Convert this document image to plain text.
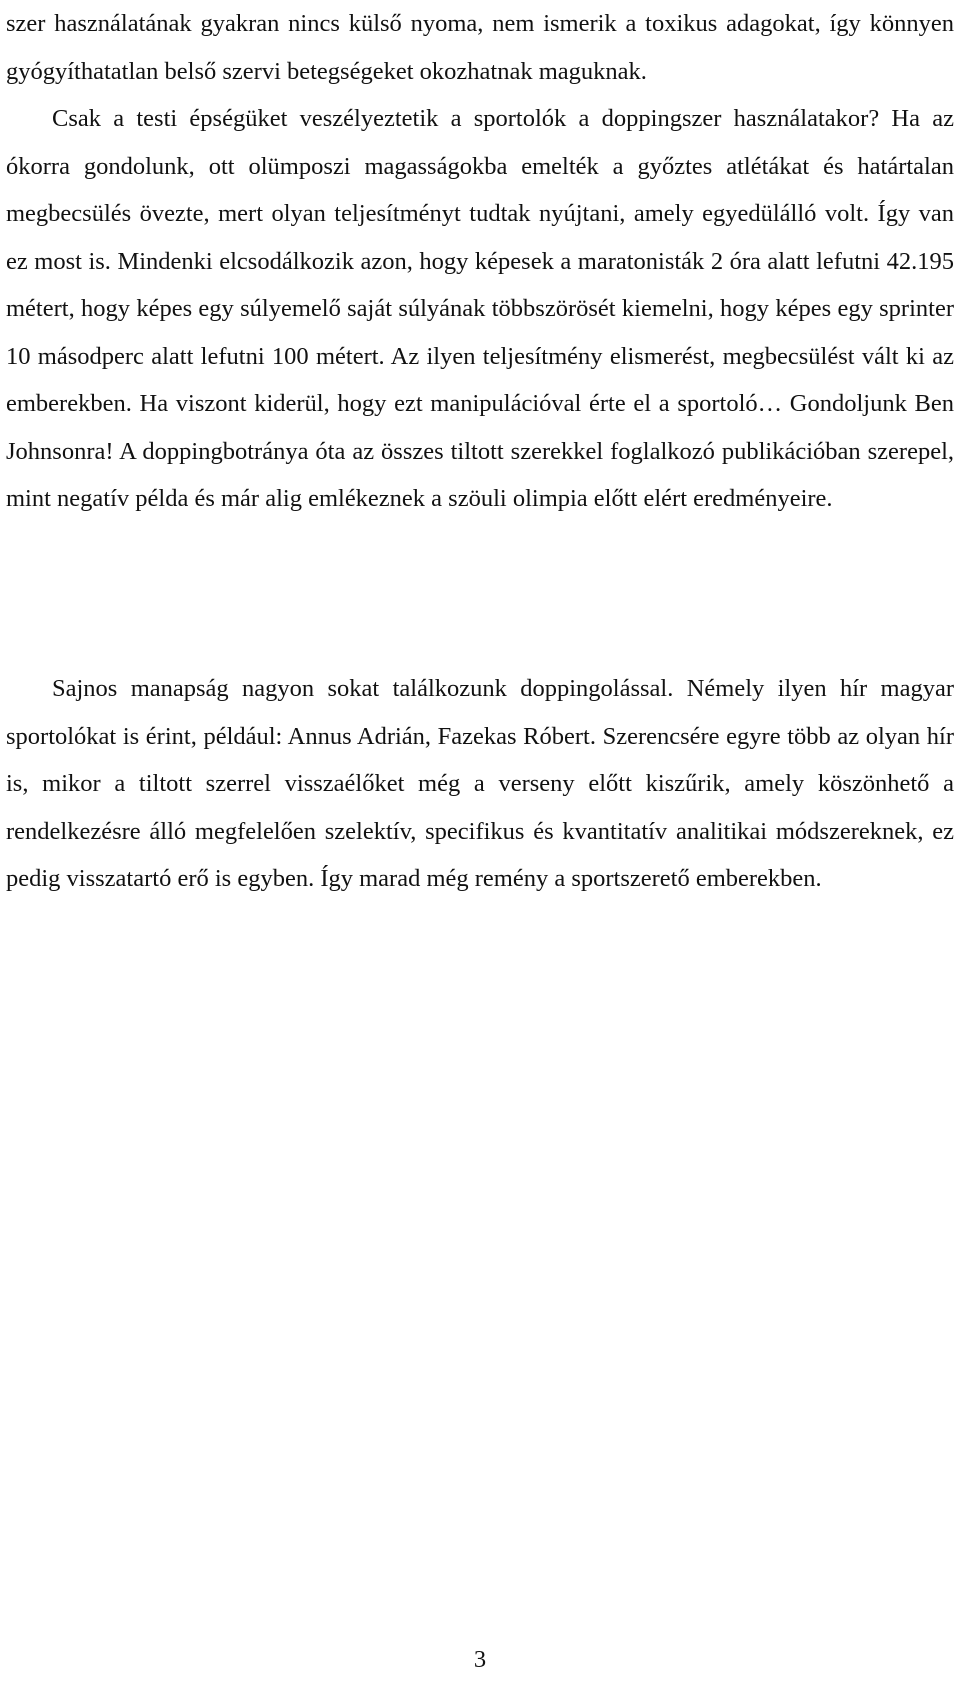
szer használatának gyakran nincs külső nyoma, nem ismerik a toxikus adagokat, így könnyen gyógyíthatatlan belső szervi betegségeket okozhatnak maguknak.

Csak a testi épségüket veszélyeztetik a sportolók a doppingszer használatakor? Ha az ókorra gondolunk, ott olümposzi magasságokba emelték a győztes atlétákat és határtalan megbecsülés övezte, mert olyan teljesítményt tudtak nyújtani, amely egyedülálló volt. Így van ez most is. Mindenki elcsodálkozik azon, hogy képesek a maratonisták 2 óra alatt lefutni 42.195 métert, hogy képes egy súlyemelő saját súlyának többszörösét kiemelni, hogy képes egy sprinter 10 másodperc alatt lefutni 100 métert. Az ilyen teljesítmény elismerést, megbecsülést vált ki az emberekben. Ha viszont kiderül, hogy ezt manipulációval érte el a sportoló… Gondoljunk Ben Johnsonra! A doppingbotránya óta az összes tiltott szerekkel foglalkozó publikációban szerepel, mint negatív példa és már alig emlékeznek a szöuli olimpia előtt elért eredményeire.

Sajnos manapság nagyon sokat találkozunk doppingolással. Némely ilyen hír magyar sportolókat is érint, például: Annus Adrián, Fazekas Róbert. Szerencsére egyre több az olyan hír is, mikor a tiltott szerrel visszaélőket még a verseny előtt kiszűrik, amely köszönhető a rendelkezésre álló megfelelően szelektív, specifikus és kvantitatív analitikai módszereknek, ez pedig visszatartó erő is egyben. Így marad még remény a sportszerető emberekben.

3
